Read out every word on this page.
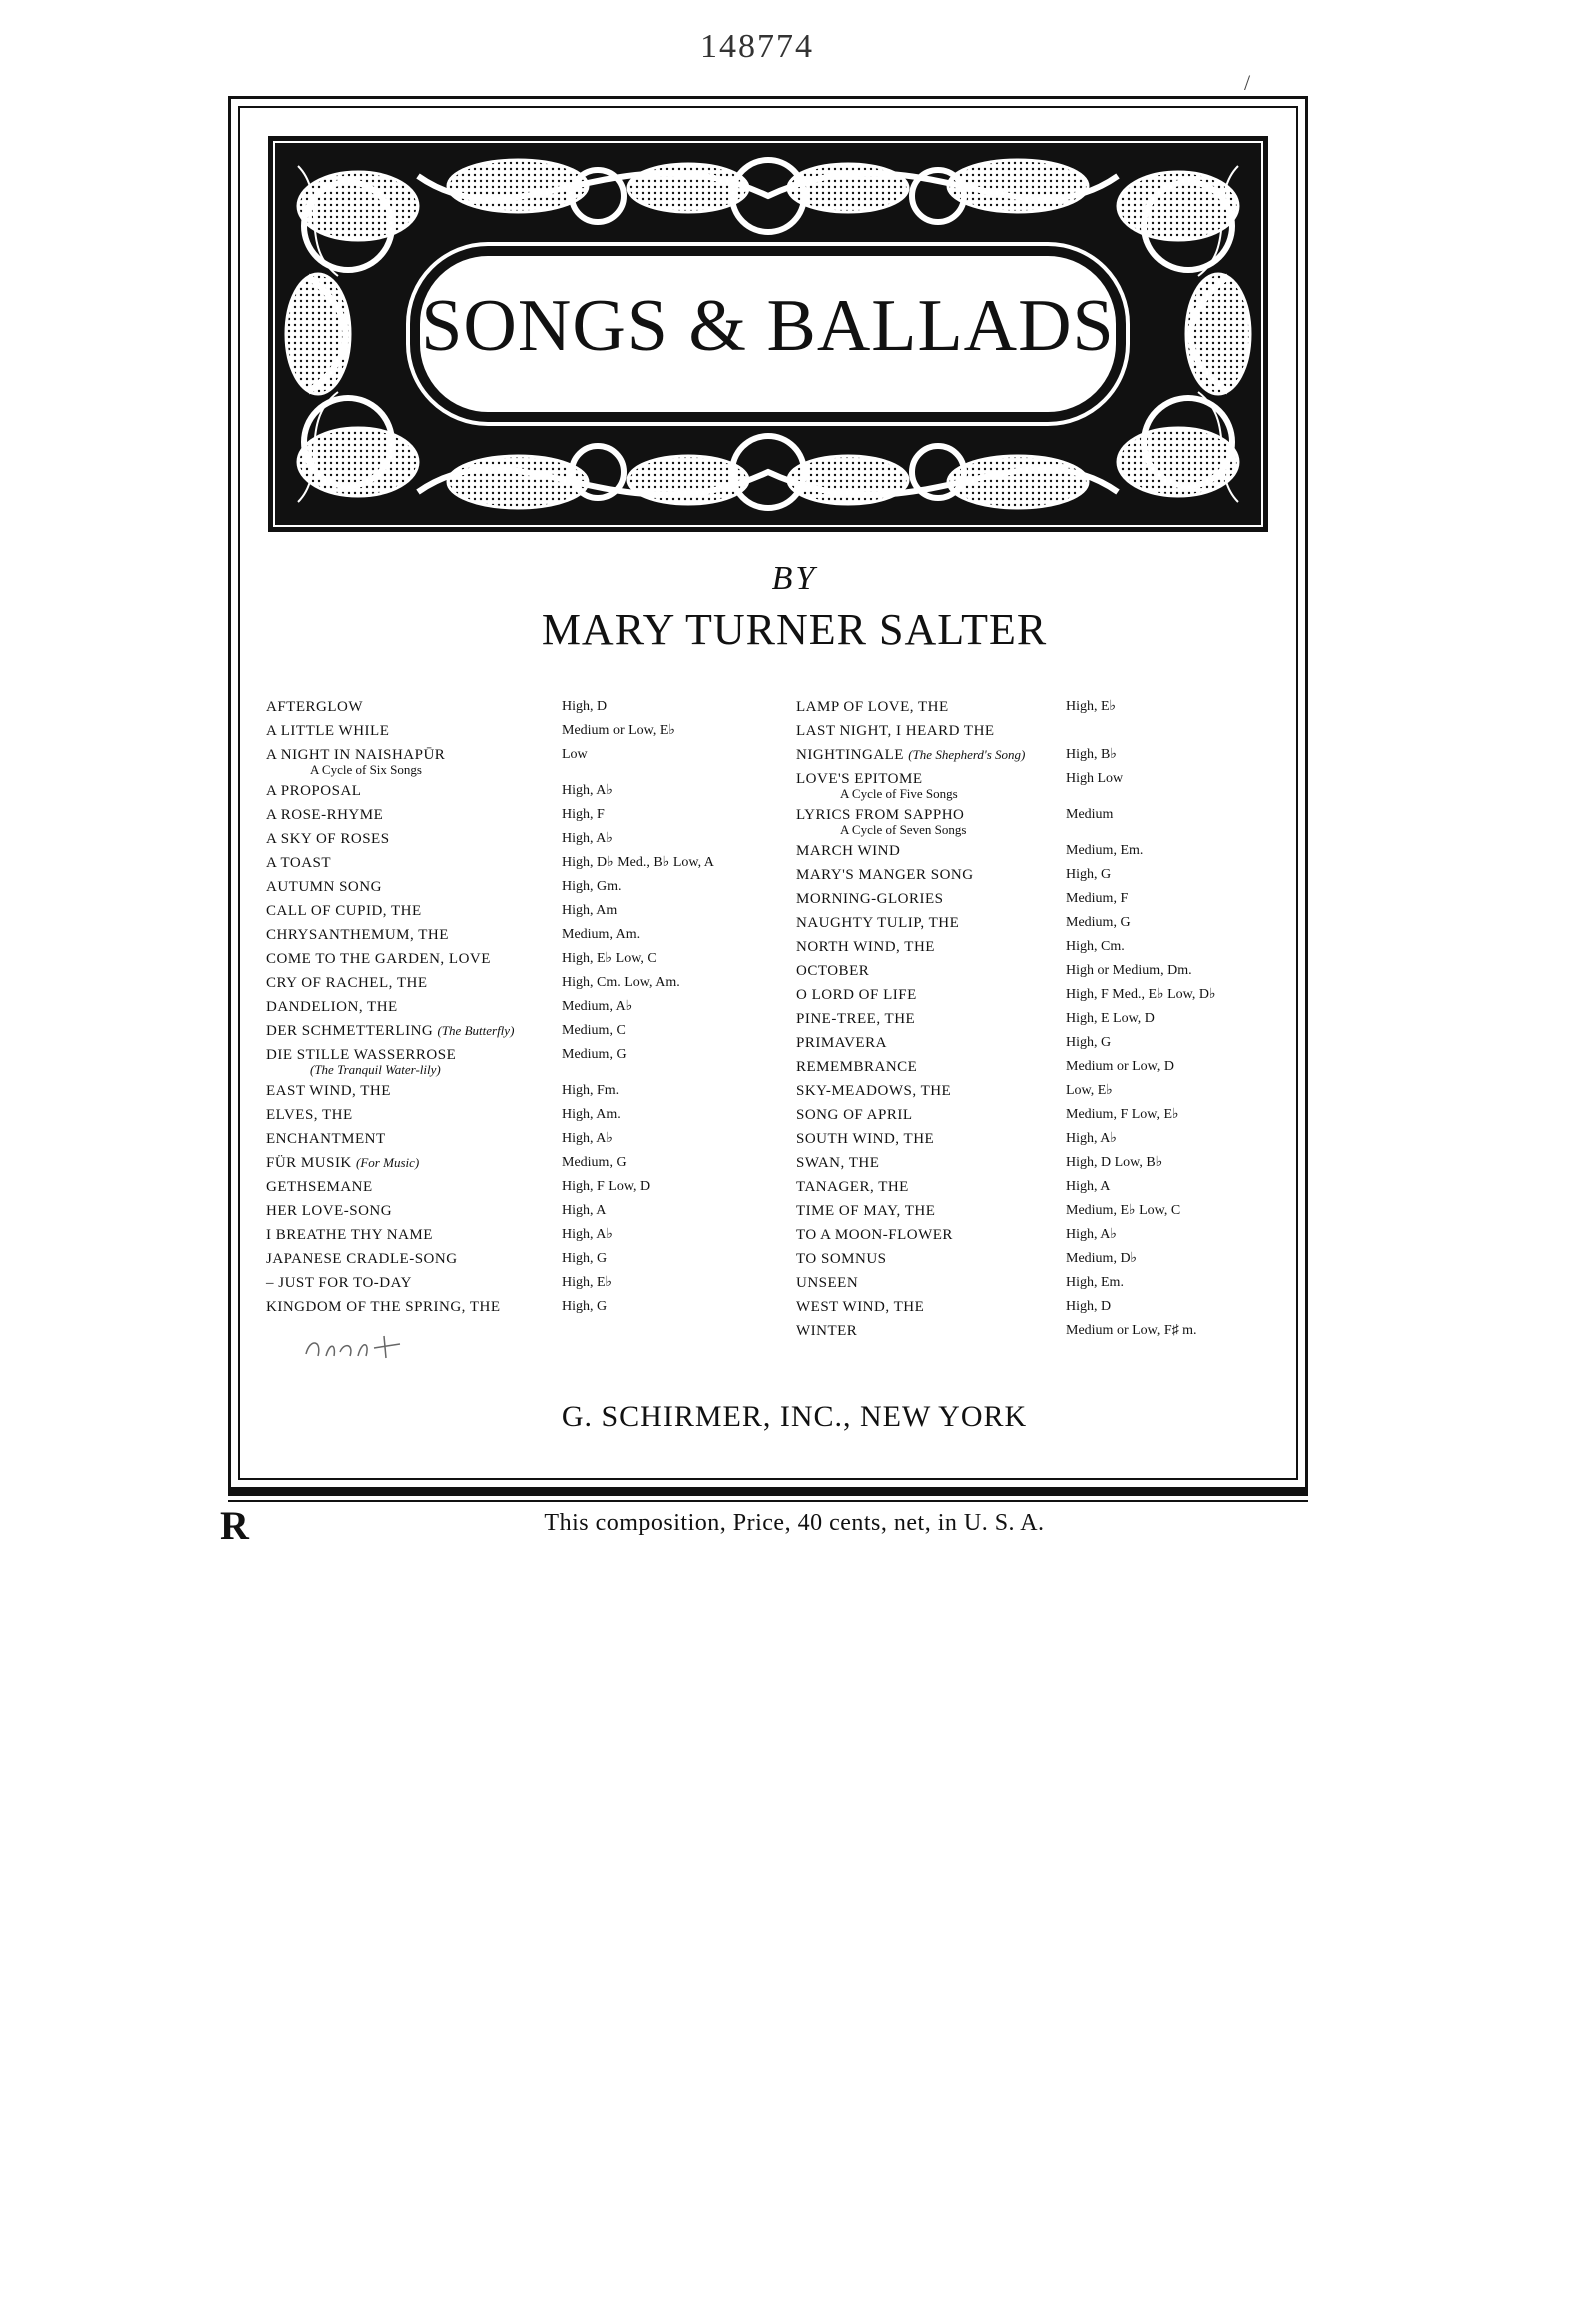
148774
/
SONGS & BALLADS
BY
MARY TURNER SALTER
AFTERGLOW	High, D
A LITTLE WHILE	Medium or Low, E♭
A NIGHT IN NAISHAPŪR	Low
A Cycle of Six Songs
A PROPOSAL	High, A♭
A ROSE-RHYME	High, F
A SKY OF ROSES	High, A♭
A TOAST	High, D♭ Med., B♭ Low, A
AUTUMN SONG	High, Gm.
CALL OF CUPID, THE	High, Am
CHRYSANTHEMUM, THE	Medium, Am.
COME TO THE GARDEN, LOVE	High, E♭ Low, C
CRY OF RACHEL, THE	High, Cm. Low, Am.
DANDELION, THE	Medium, A♭
DER SCHMETTERLING (The Butterfly)	Medium, C
DIE STILLE WASSERROSE	Medium, G
(The Tranquil Water-lily)
EAST WIND, THE	High, Fm.
ELVES, THE	High, Am.
ENCHANTMENT	High, A♭
FÜR MUSIK (For Music)	Medium, G
GETHSEMANE	High, F Low, D
HER LOVE-SONG	High, A
I BREATHE THY NAME	High, A♭
JAPANESE CRADLE-SONG	High, G
– JUST FOR TO-DAY	High, E♭
KINGDOM OF THE SPRING, THE	High, G
LAMP OF LOVE, THE	High, E♭
LAST NIGHT, I HEARD THE
NIGHTINGALE (The Shepherd's Song)	High, B♭
LOVE'S EPITOME	High Low
A Cycle of Five Songs
LYRICS FROM SAPPHO	Medium
A Cycle of Seven Songs
MARCH WIND	Medium, Em.
MARY'S MANGER SONG	High, G
MORNING-GLORIES	Medium, F
NAUGHTY TULIP, THE	Medium, G
NORTH WIND, THE	High, Cm.
OCTOBER	High or Medium, Dm.
O LORD OF LIFE	High, F Med., E♭ Low, D♭
PINE-TREE, THE	High, E Low, D
PRIMAVERA	High, G
REMEMBRANCE	Medium or Low, D
SKY-MEADOWS, THE	Low, E♭
SONG OF APRIL	Medium, F Low, E♭
SOUTH WIND, THE	High, A♭
SWAN, THE	High, D Low, B♭
TANAGER, THE	High, A
TIME OF MAY, THE	Medium, E♭ Low, C
TO A MOON-FLOWER	High, A♭
TO SOMNUS	Medium, D♭
UNSEEN	High, Em.
WEST WIND, THE	High, D
WINTER	Medium or Low, F♯ m.
G. SCHIRMER, INC., NEW YORK
R	This composition, Price, 40 cents, net, in U. S. A.
